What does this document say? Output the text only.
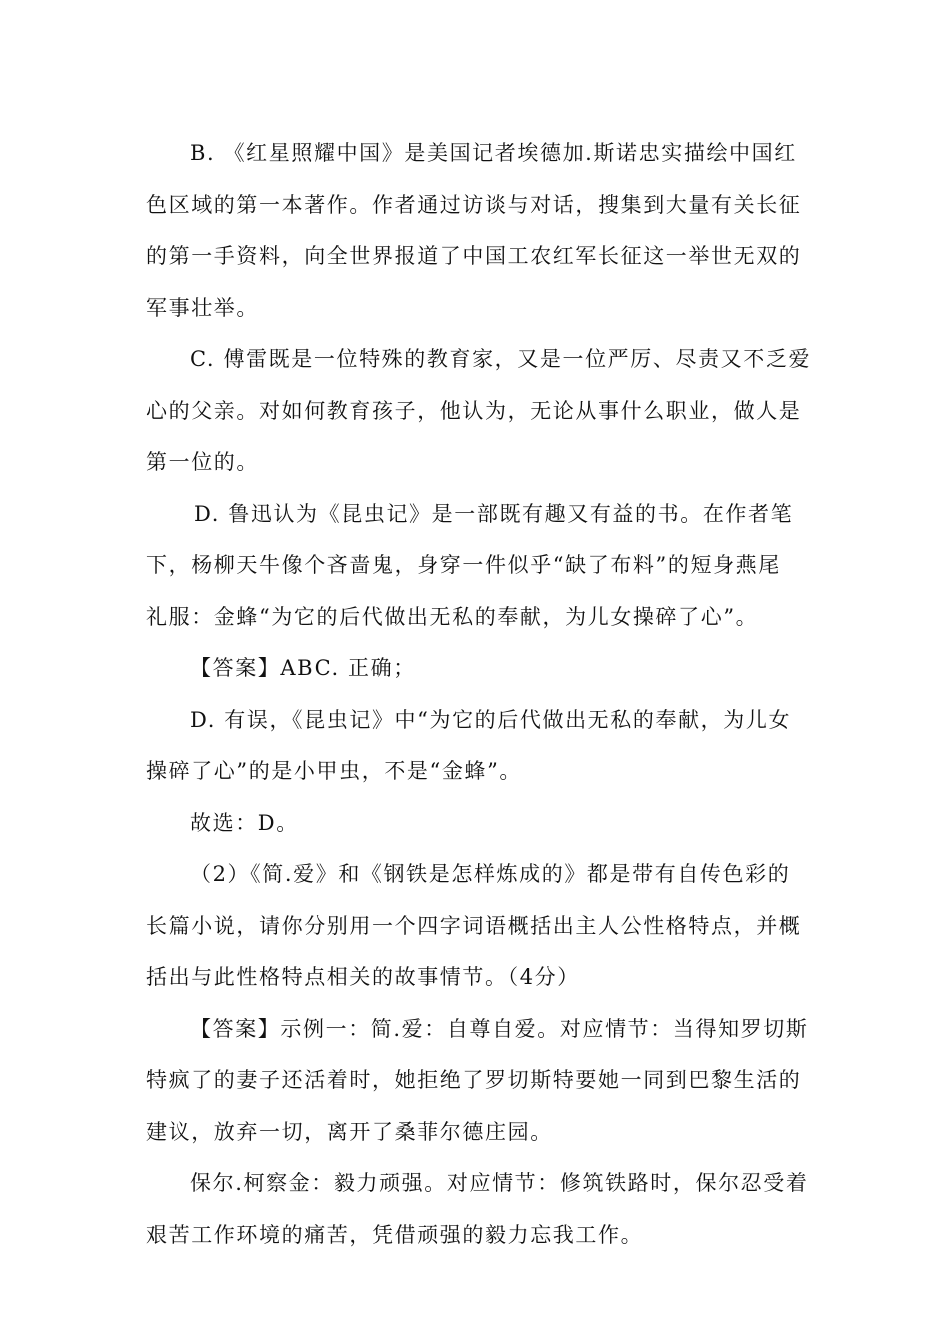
B. 《红星照耀中国》是美国记者埃德加.斯诺忠实描绘中国红
色区域的第一本著作。作者通过访谈与对话，搜集到大量有关长征
的第一手资料，向全世界报道了中国工农红军长征这一举世无双的
军事壮举。

C. 傅雷既是一位特殊的教育家，又是一位严厉、尽责又不乏爱
心的父亲。对如何教育孩子，他认为，无论从事什么职业，做人是
第一位的。

D. 鲁迅认为《昆虫记》是一部既有趣又有益的书。在作者笔
下，杨柳天牛像个吝啬鬼，身穿一件似乎“缺了布料”的短身燕尾
礼服：金蜂“为它的后代做出无私的奉献，为儿女操碎了心”。

【答案】ABC. 正确；

D. 有误，《昆虫记》中“为它的后代做出无私的奉献，为儿女
操碎了心”的是小甲虫，不是“金蜂”。

故选：D。

（2）《简.爱》和《钢铁是怎样炼成的》都是带有自传色彩的
长篇小说，请你分别用一个四字词语概括出主人公性格特点，并概
括出与此性格特点相关的故事情节。（4分）

【答案】示例一：简.爱：自尊自爱。对应情节：当得知罗切斯
特疯了的妻子还活着时，她拒绝了罗切斯特要她一同到巴黎生活的
建议，放弃一切，离开了桑菲尔德庄园。

保尔.柯察金：毅力顽强。对应情节：修筑铁路时，保尔忍受着
艰苦工作环境的痛苦，凭借顽强的毅力忘我工作。
